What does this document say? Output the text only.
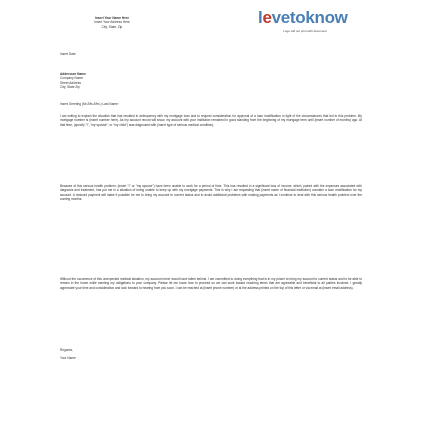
Insert Your Name Here
Insert Your Address Here
City, State, Zip	levetoknow
Logo will not print with document
Insert Date
Addressee Name
Company Name
Street Address
City, State Zip
Insert Greeting (Mr./Ms./Mrs.) Last Name:

I am writing to explain the situation that has resulted in delinquency with my mortgage loan and to request consideration for approval of a loan modification in light of the circumstances that led to this problem. My mortgage number is (insert number here). As my account record will show, my account with your institution remained in good standing from the beginning of my mortgage term until (insert number of months) ago. At that time, (specify "I", "my spouse", or "my child") was diagnosed with (insert type of serious medical condition).

Because of this serious health problem, (insert "I" or "my spouse") have been unable to work for a period of time. This has resulted in a significant loss of income, which, paired with the expenses associated with diagnosis and treatment, has put me in a situation of being unable to keep up with my mortgage payments. This is why I am requesting that (insert name of financial institution) consider a loan modification for my account. A reduced payment will make it possible for me to bring my account to current status and to avoid additional problems with making payments as I continue to deal with this serious health problem over the coming months.

Without the occurrence of this unexpected medical situation, my account never would have fallen behind. I am committed to doing everything that is in my power to bring my account to current status and to be able to remain in the home while meeting my obligations to your company. Please let me know how to proceed so we can work toward reaching terms that are agreeable and beneficial to all parties involved. I greatly appreciate your time and consideration and look forward to hearing from you soon. I can be reached at (insert phone number) or at the address printed on the top of this letter or via email at (insert email address).

Regards,
Your Name
